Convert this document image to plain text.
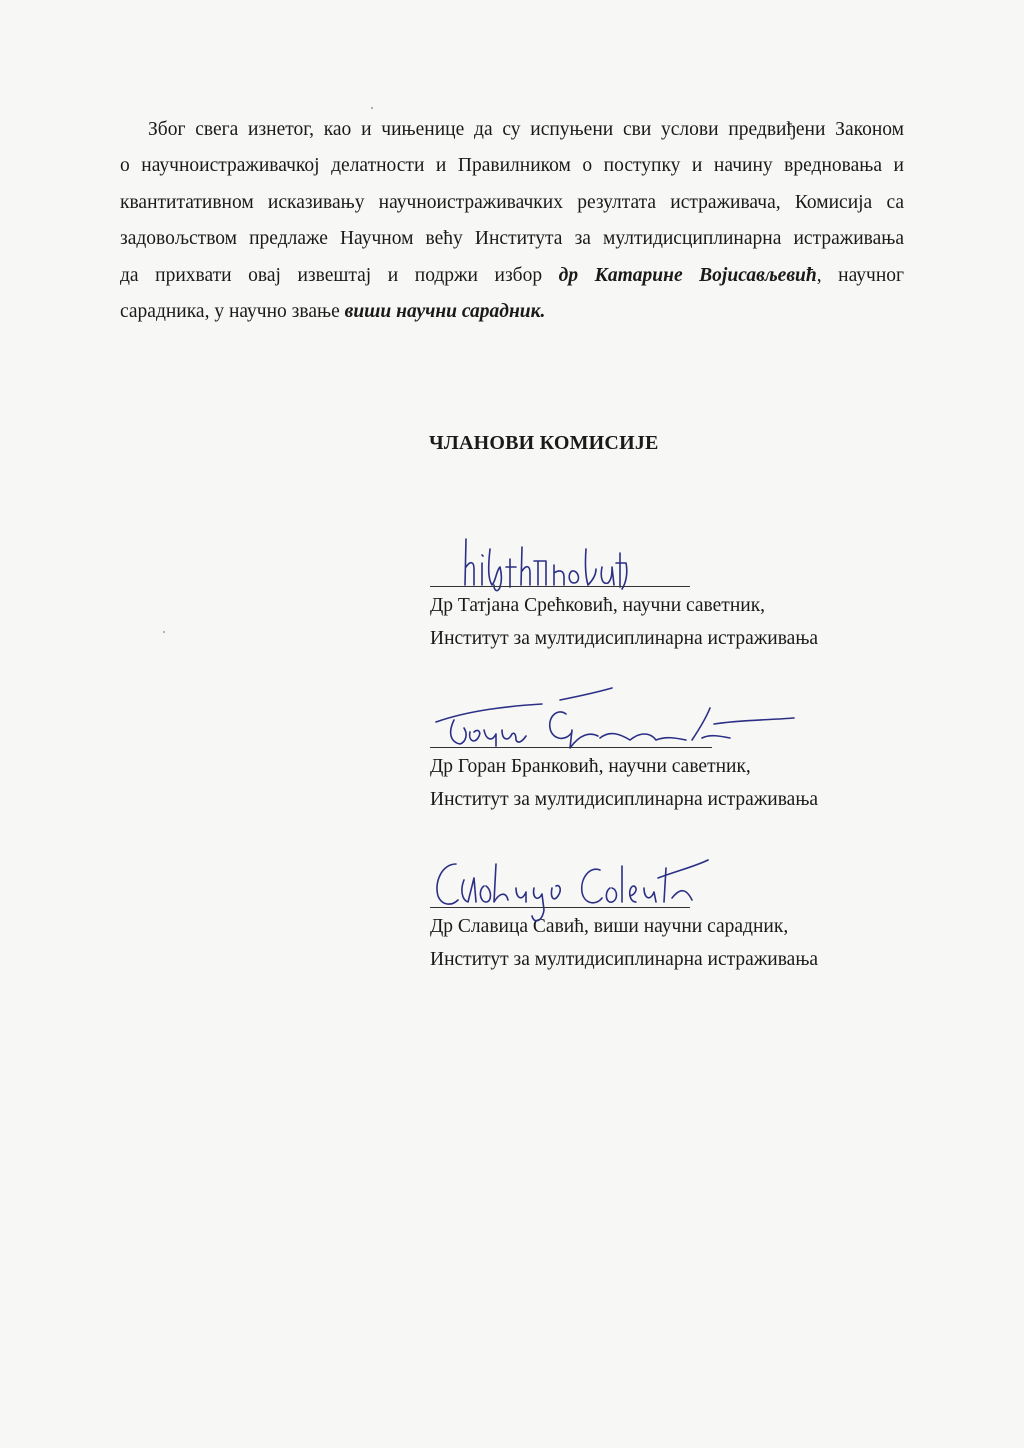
Због свега изнетог, као и чињенице да су испуњени сви услови предвиђени Законом
о научноистраживачкој делатности и Правилником о поступку и начину вредновања и
квантитативном исказивању научноистраживачких резултата истраживача, Комисија са
задовољством предлаже Научном већу Института за мултидисциплинарна истраживања
да прихвати овај извештај и подржи избор др Катарине Војисављевић, научног
сарадника, у научно звање виши научни сарадник.
ЧЛАНОВИ КОМИСИЈЕ
Др Татјана Срећковић, научни саветник,
Институт за мултидисиплинарна истраживања
Др Горан Бранковић, научни саветник,
Институт за мултидисиплинарна истраживања
Др Славица Савић, виши научни сарадник,
Институт за мултидисиплинарна истраживања
